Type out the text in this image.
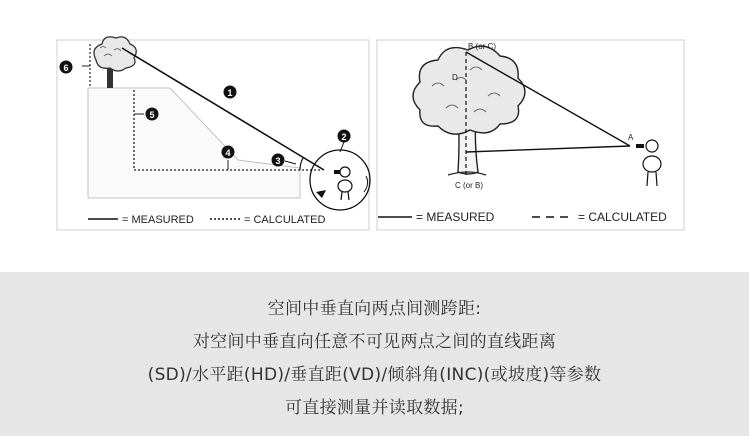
6
5
4
1
3
2
= MEASURED	= CALCULATED
B (or C)
C (or B)
D
A
= MEASURED	= CALCULATED
空间中垂直向两点间测跨距:
对空间中垂直向任意不可见两点之间的直线距离
(SD)/水平距(HD)/垂直距(VD)/倾斜角(INC)(或坡度)等参数
可直接测量并读取数据;
